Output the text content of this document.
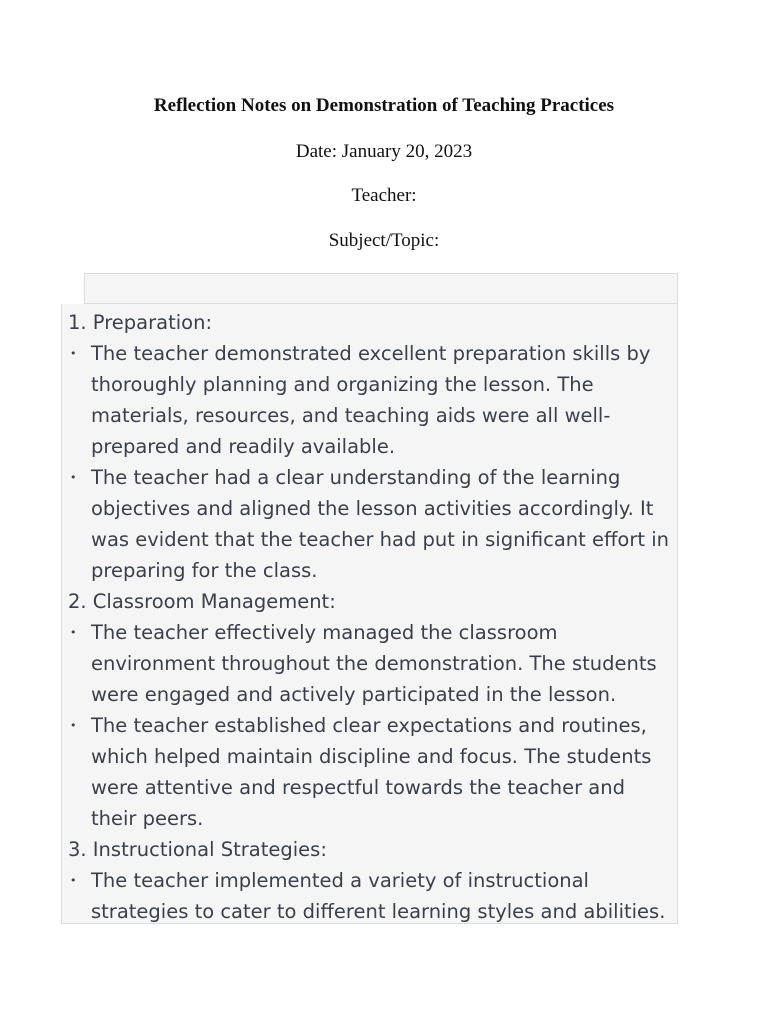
Reflection Notes on Demonstration of Teaching Practices
Date: January 20, 2023
Teacher:
Subject/Topic:
1. Preparation:
• The teacher demonstrated excellent preparation skills by
thoroughly planning and organizing the lesson. The
materials, resources, and teaching aids were all well-
prepared and readily available.
• The teacher had a clear understanding of the learning
objectives and aligned the lesson activities accordingly. It
was evident that the teacher had put in significant effort in
preparing for the class.
2. Classroom Management:
• The teacher effectively managed the classroom
environment throughout the demonstration. The students
were engaged and actively participated in the lesson.
• The teacher established clear expectations and routines,
which helped maintain discipline and focus. The students
were attentive and respectful towards the teacher and
their peers.
3. Instructional Strategies:
• The teacher implemented a variety of instructional
strategies to cater to different learning styles and abilities.
